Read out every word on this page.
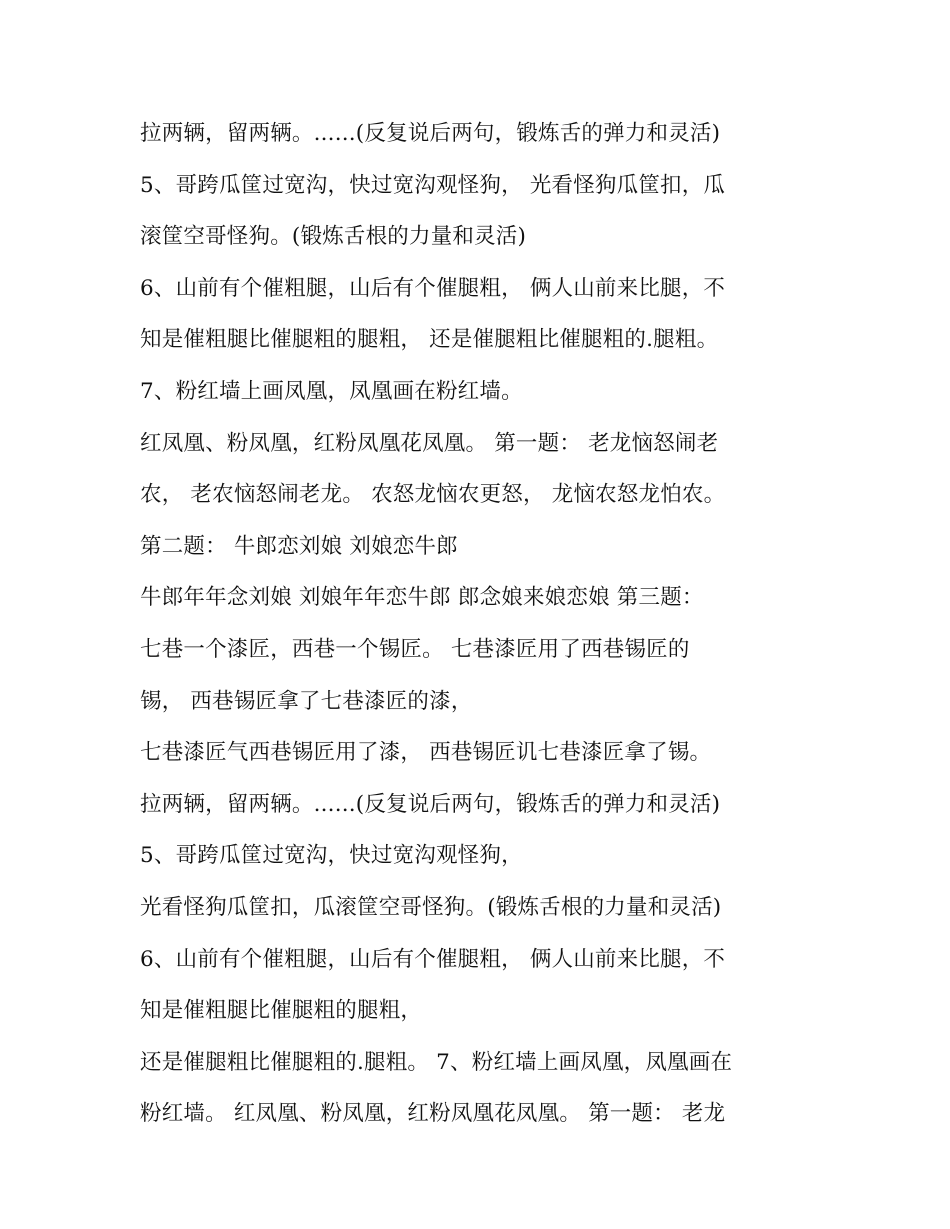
拉两辆，留两辆。......(反复说后两句，锻炼舌的弹力和灵活)
5、哥跨瓜筐过宽沟，快过宽沟观怪狗， 光看怪狗瓜筐扣，瓜
滚筐空哥怪狗。(锻炼舌根的力量和灵活)
6、山前有个催粗腿，山后有个催腿粗， 俩人山前来比腿，不
知是催粗腿比催腿粗的腿粗， 还是催腿粗比催腿粗的.腿粗。
7、粉红墙上画凤凰，凤凰画在粉红墙。
红凤凰、粉凤凰，红粉凤凰花凤凰。 第一题： 老龙恼怒闹老
农， 老农恼怒闹老龙。 农怒龙恼农更怒， 龙恼农怒龙怕农。
第二题： 牛郎恋刘娘 刘娘恋牛郎
牛郎年年念刘娘 刘娘年年恋牛郎 郎念娘来娘恋娘 第三题：
七巷一个漆匠，西巷一个锡匠。 七巷漆匠用了西巷锡匠的
锡， 西巷锡匠拿了七巷漆匠的漆，
七巷漆匠气西巷锡匠用了漆， 西巷锡匠讥七巷漆匠拿了锡。
拉两辆，留两辆。......(反复说后两句，锻炼舌的弹力和灵活)
5、哥跨瓜筐过宽沟，快过宽沟观怪狗，
光看怪狗瓜筐扣，瓜滚筐空哥怪狗。(锻炼舌根的力量和灵活)
6、山前有个催粗腿，山后有个催腿粗， 俩人山前来比腿，不
知是催粗腿比催腿粗的腿粗，
还是催腿粗比催腿粗的.腿粗。 7、粉红墙上画凤凰，凤凰画在
粉红墙。 红凤凰、粉凤凰，红粉凤凰花凤凰。 第一题： 老龙
